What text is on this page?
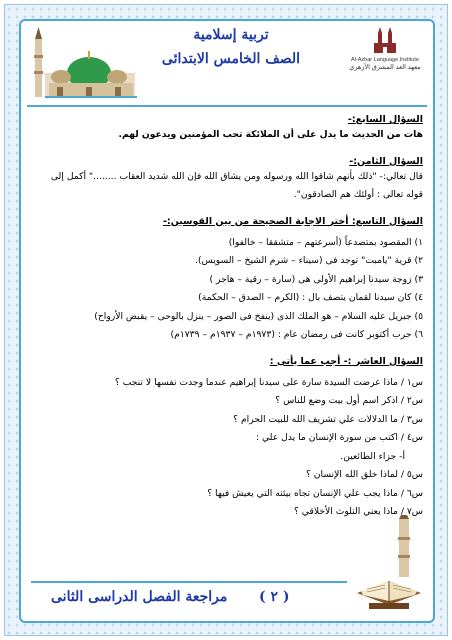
تربية إسلامية
الصف الخامس الابتدائى	Al-Azhar Language Institute
معهد الغد المشرق الأزهري

السؤال السابع:-

هات من الحديث ما يدل على أن الملائكة تحب المؤمنين ويدعون لهم.

السؤال الثامن:-

قال تعالي:- "ذلك بأنهم شاقوا الله ورسوله ومن يشاق الله فإن الله شديد العقاب ........" أكمل إلى

قوله تعالى : أولئك هم الصادقون".

السؤال التاسع: أختر الاجابة الصحيحة من بين القوسين:-

١) المقصود بمتصدعاً (أسرعتهم – متشققا – خالفوا)

٢) قرية "يامبت" توجد فى (سيناء – شرم الشيخ – السويس).

٣) زوجة سيدنا إبراهيم الأولى هى (سارة – رقية – هاجر )

٤) كان سيدنا لقمان يتصف بال : (الكرم – الصدق – الحكمة)

٥) جبريل عليه السلام – هو الملك الذى (ينفخ فى الصور – ينزل بالوحى – يقبض الأرواح)

٦) حرب أكتوبر كانت فى رمضان عام : (١٩٧٣م – ١٩٣٧م – ١٧٣٩م)

السؤال العاشر :- أجب عما يأتى :

س١ / ماذا عرضت السيدة سارة على سيدنا إبراهيم عندما وجدت نفسها لا تنجب ؟

س٢ / اذكر اسم أول بيت وضع للناس ؟

س٣ / ما الدلالات علي تشريف الله للبيت الحرام ؟

س٤ / اكتب من سورة الإنسان ما يدل علي :

أ- جزاء الطائعين.

س٥ / لماذا خلق الله الإنسان ؟

س٦ / ماذا يجب علي الإنسان تجاه بيئته التي يعيش فيها ؟

س٧ / ماذا يعني التلوث الأخلاقي ؟

مراجعة الفصل الدراسى الثانى ( ٢ )
